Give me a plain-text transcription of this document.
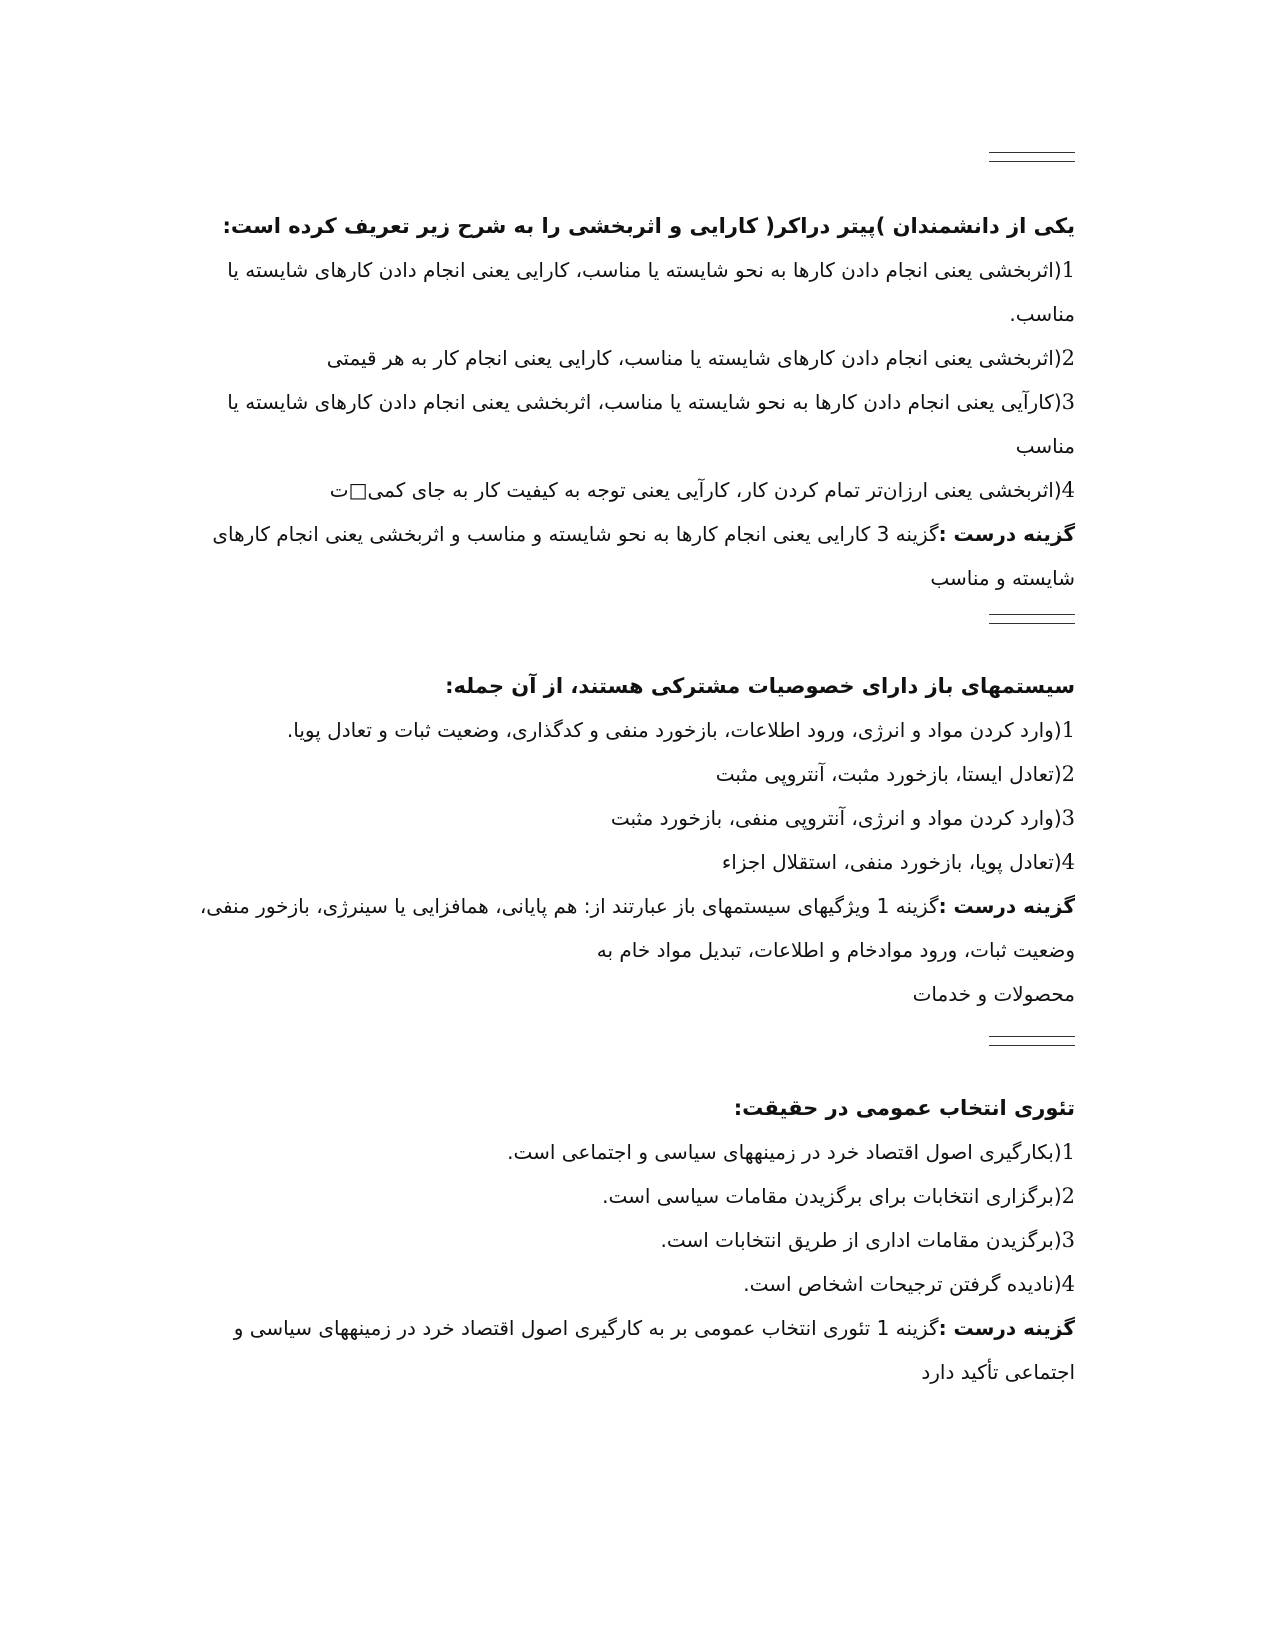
یکی از دانشمندان )پیتر دراکر( کارایی و اثربخشی را به شرح زیر تعریف کرده است:
1(اثربخشی یعنی انجام دادن کارها به نحو شایسته یا مناسب، کارایی یعنی انجام دادن کارهای شایسته یا
مناسب.
2(اثربخشی یعنی انجام دادن کارهای شایسته یا مناسب، کارایی یعنی انجام کار به هر قیمتی
3(کارآیی یعنی انجام دادن کارها به نحو شایسته یا مناسب، اثربخشی یعنی انجام دادن کارهای شایسته یا
مناسب
4(اثربخشی یعنی ارزان‌تر تمام کردن کار، کارآیی یعنی توجه به کیفیت کار به جای کمی□ت
گزینه درست :گزینه 3 کارایی یعنی انجام کارها به نحو شایسته و مناسب و اثربخشی یعنی انجام کارهای
شایسته و مناسب
سیستمهای باز دارای خصوصیات مشترکی هستند، از آن جمله:
1(وارد کردن مواد و انرژی، ورود اطلاعات، بازخورد منفی و کدگذاری، وضعیت ثبات و تعادل پویا.
2(تعادل ایستا، بازخورد مثبت، آنتروپی مثبت
3(وارد کردن مواد و انرژی، آنتروپی منفی، بازخورد مثبت
4(تعادل پویا، بازخورد منفی، استقلال اجزاء
گزینه درست :گزینه 1 ویژگیهای سیستمهای باز عبارتند از: هم پایانی، همافزایی یا سینرژی، بازخور منفی،
وضعیت ثبات، ورود موادخام و اطلاعات، تبدیل مواد خام به
محصولات و خدمات
تئوری انتخاب عمومی در حقیقت:
1(بکارگیری اصول اقتصاد خرد در زمینههای سیاسی و اجتماعی است.
2(برگزاری انتخابات برای برگزیدن مقامات سیاسی است.
3(برگزیدن مقامات اداری از طریق انتخابات است.
4(نادیده گرفتن ترجیحات اشخاص است.
گزینه درست :گزینه 1 تئوری انتخاب عمومی بر به کارگیری اصول اقتصاد خرد در زمینههای سیاسی و
اجتماعی تأکید دارد
